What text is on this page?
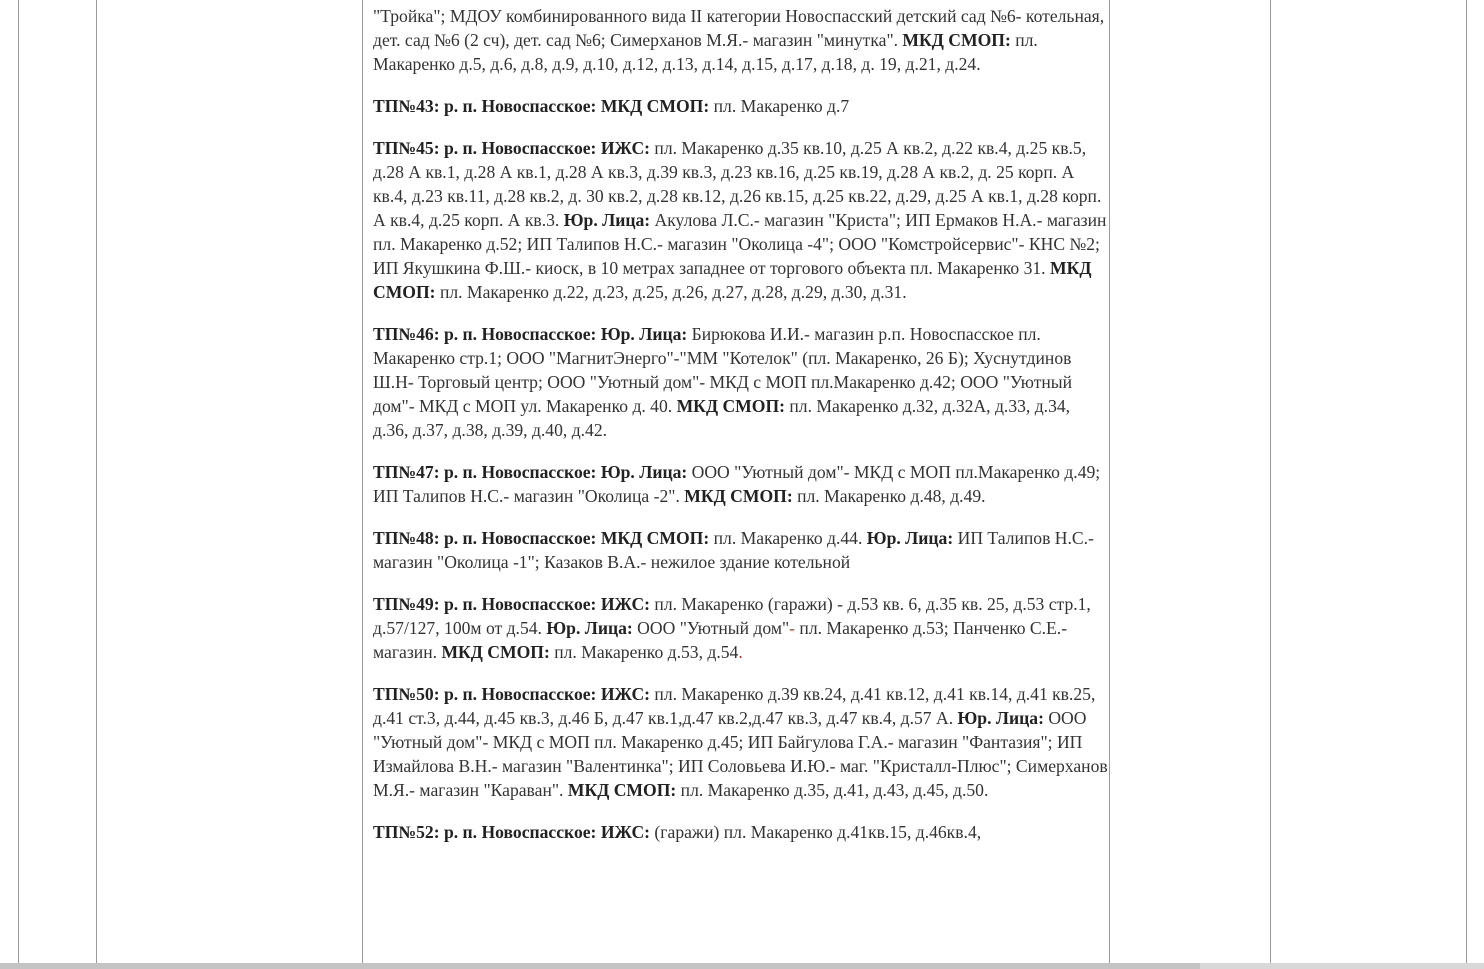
"Тройка"; МДОУ комбинированного вида II категории Новоспасский детский сад №6- котельная, дет. сад №6 (2 сч), дет. сад №6; Симерханов М.Я.- магазин "минутка". МКД СМОП: пл. Макаренко д.5, д.6, д.8, д.9, д.10, д.12, д.13, д.14, д.15, д.17, д.18, д. 19, д.21, д.24.

ТП№43: р. п. Новоспасское: МКД СМОП: пл. Макаренко д.7

ТП№45: р. п. Новоспасское: ИЖС: пл. Макаренко д.35 кв.10, д.25 А кв.2, д.22 кв.4, д.25 кв.5, д.28 А кв.1, д.28 А кв.1, д.28 А кв.3, д.39 кв.3, д.23 кв.16, д.25 кв.19, д.28 А кв.2, д. 25 корп. А кв.4, д.23 кв.11, д.28 кв.2, д. 30 кв.2, д.28 кв.12, д.26 кв.15, д.25 кв.22, д.29, д.25 А кв.1, д.28 корп. А кв.4, д.25 корп. А кв.3. Юр. Лица: Акулова Л.С.- магазин "Криста"; ИП Ермаков Н.А.- магазин пл. Макаренко д.52; ИП Талипов Н.С.- магазин "Околица -4"; ООО "Комстройсервис"- КНС №2; ИП Якушкина Ф.Ш.- киоск, в 10 метрах западнее от торгового объекта пл. Макаренко 31. МКД СМОП: пл. Макаренко д.22, д.23, д.25, д.26, д.27, д.28, д.29, д.30, д.31.

ТП№46: р. п. Новоспасское: Юр. Лица: Бирюкова И.И.- магазин р.п. Новоспасское пл. Макаренко стр.1; ООО "МагнитЭнерго"-"ММ "Котелок" (пл. Макаренко, 26 Б); Хуснутдинов Ш.Н- Торговый центр; ООО "Уютный дом"- МКД с МОП пл.Макаренко д.42; ООО "Уютный дом"- МКД с МОП ул. Макаренко д. 40. МКД СМОП: пл. Макаренко д.32, д.32А, д.33, д.34, д.36, д.37, д.38, д.39, д.40, д.42.

ТП№47: р. п. Новоспасское: Юр. Лица: ООО "Уютный дом"- МКД с МОП пл.Макаренко д.49; ИП Талипов Н.С.- магазин "Околица -2". МКД СМОП: пл. Макаренко д.48, д.49.

ТП№48: р. п. Новоспасское: МКД СМОП: пл. Макаренко д.44. Юр. Лица: ИП Талипов Н.С.- магазин "Околица -1"; Казаков В.А.- нежилое здание котельной

ТП№49: р. п. Новоспасское: ИЖС: пл. Макаренко (гаражи) - д.53 кв. 6, д.35 кв. 25, д.53 стр.1, д.57/127, 100м от д.54. Юр. Лица: ООО "Уютный дом"- пл. Макаренко д.53; Панченко С.Е.- магазин. МКД СМОП: пл. Макаренко д.53, д.54.

ТП№50: р. п. Новоспасское: ИЖС: пл. Макаренко д.39 кв.24, д.41 кв.12, д.41 кв.14, д.41 кв.25, д.41 ст.3, д.44, д.45 кв.3, д.46 Б, д.47 кв.1,д.47 кв.2,д.47 кв.3, д.47 кв.4, д.57 А. Юр. Лица: ООО "Уютный дом"- МКД с МОП пл. Макаренко д.45; ИП Байгулова Г.А.- магазин "Фантазия"; ИП Измайлова В.Н.- магазин "Валентинка"; ИП Соловьева И.Ю.- маг. "Кристалл-Плюс"; Симерханов М.Я.- магазин "Караван". МКД СМОП: пл. Макаренко д.35, д.41, д.43, д.45, д.50.

ТП№52: р. п. Новоспасское: ИЖС: (гаражи) пл. Макаренко д.41кв.15, д.46кв.4,
